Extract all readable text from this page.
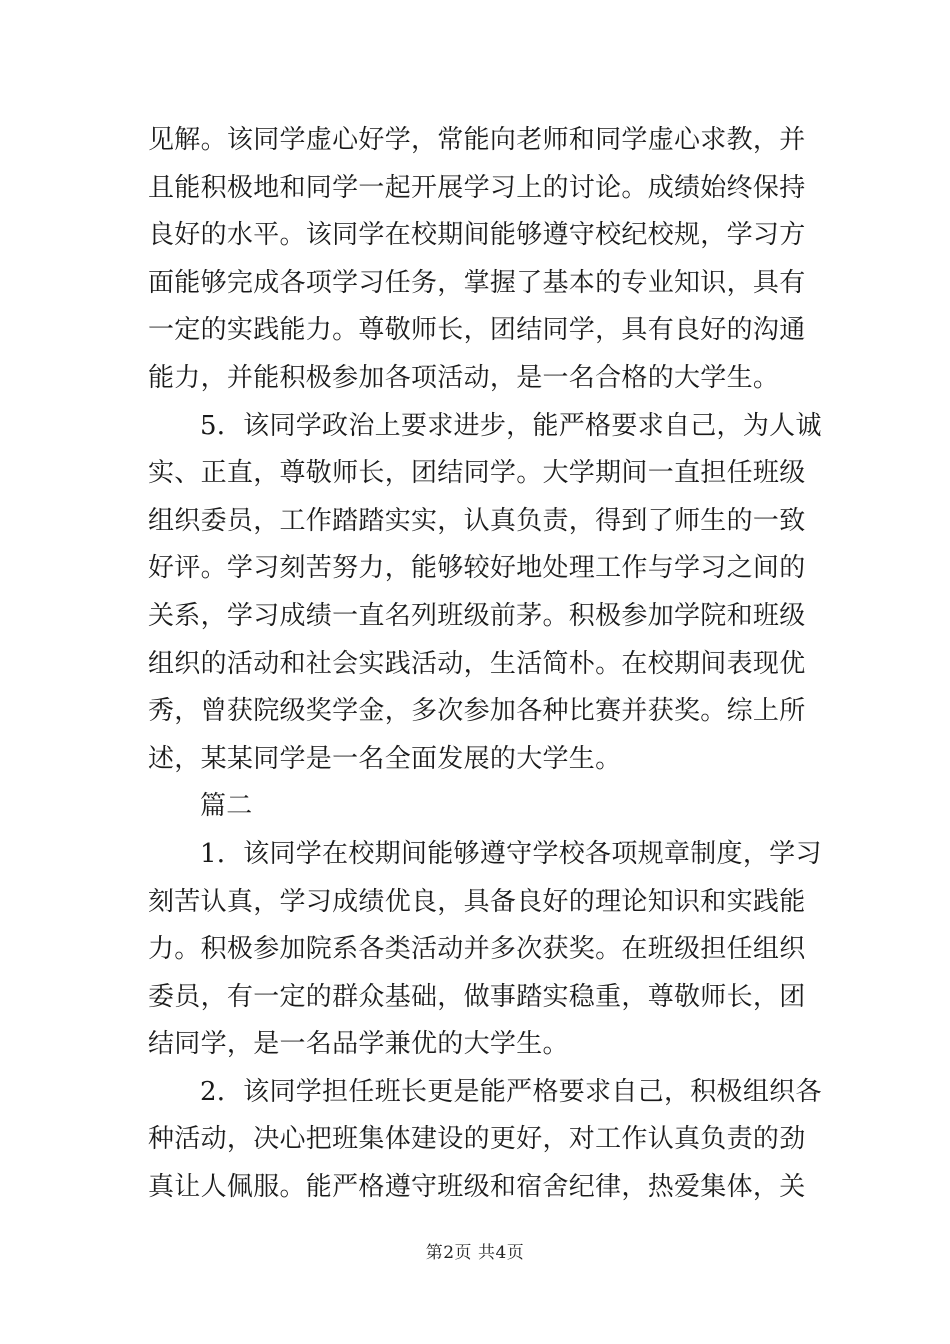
见解。该同学虚心好学，常能向老师和同学虚心求教，并
且能积极地和同学一起开展学习上的讨论。成绩始终保持
良好的水平。该同学在校期间能够遵守校纪校规，学习方
面能够完成各项学习任务，掌握了基本的专业知识，具有
一定的实践能力。尊敬师长，团结同学，具有良好的沟通
能力，并能积极参加各项活动，是一名合格的大学生。
5．该同学政治上要求进步，能严格要求自己，为人诚
实、正直，尊敬师长，团结同学。大学期间一直担任班级
组织委员，工作踏踏实实，认真负责，得到了师生的一致
好评。学习刻苦努力，能够较好地处理工作与学习之间的
关系，学习成绩一直名列班级前茅。积极参加学院和班级
组织的活动和社会实践活动，生活简朴。在校期间表现优
秀，曾获院级奖学金，多次参加各种比赛并获奖。综上所
述，某某同学是一名全面发展的大学生。
篇二
1．该同学在校期间能够遵守学校各项规章制度，学习
刻苦认真，学习成绩优良，具备良好的理论知识和实践能
力。积极参加院系各类活动并多次获奖。在班级担任组织
委员，有一定的群众基础，做事踏实稳重，尊敬师长，团
结同学，是一名品学兼优的大学生。
2．该同学担任班长更是能严格要求自己，积极组织各
种活动，决心把班集体建设的更好，对工作认真负责的劲
真让人佩服。能严格遵守班级和宿舍纪律，热爱集体，关
第2页 共4页
